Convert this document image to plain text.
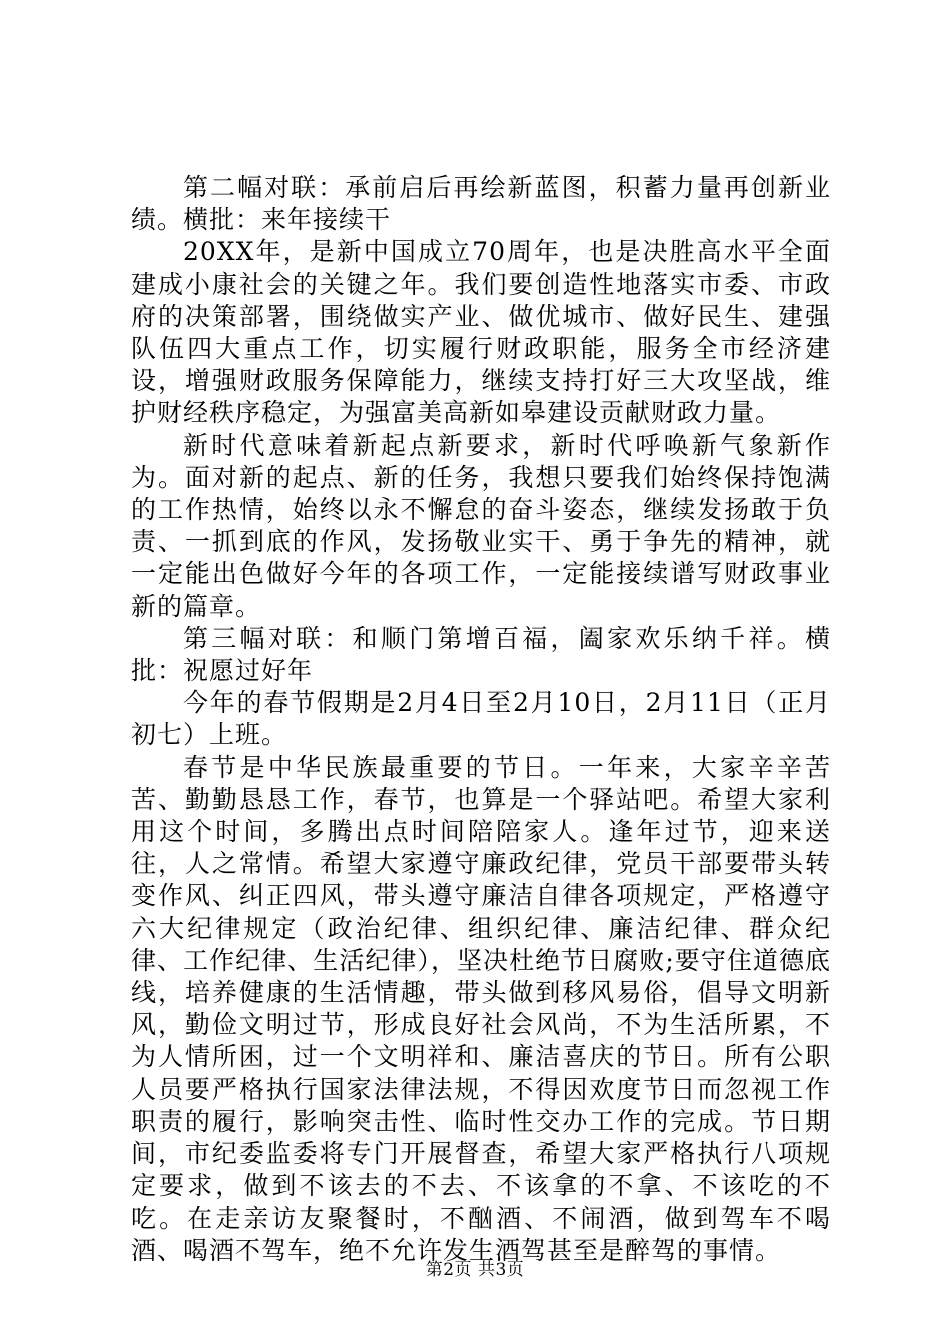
第二幅对联：承前启后再绘新蓝图，积蓄力量再创新业绩。横批：来年接续干

20XX年，是新中国成立70周年，也是决胜高水平全面建成小康社会的关键之年。我们要创造性地落实市委、市政府的决策部署，围绕做实产业、做优城市、做好民生、建强队伍四大重点工作，切实履行财政职能，服务全市经济建设，增强财政服务保障能力，继续支持打好三大攻坚战，维护财经秩序稳定，为强富美高新如皋建设贡献财政力量。

新时代意味着新起点新要求，新时代呼唤新气象新作为。面对新的起点、新的任务，我想只要我们始终保持饱满的工作热情，始终以永不懈怠的奋斗姿态，继续发扬敢于负责、一抓到底的作风，发扬敬业实干、勇于争先的精神，就一定能出色做好今年的各项工作，一定能接续谱写财政事业新的篇章。

第三幅对联：和顺门第增百福，阖家欢乐纳千祥。横批：祝愿过好年

今年的春节假期是2月4日至2月10日，2月11日（正月初七）上班。

春节是中华民族最重要的节日。一年来，大家辛辛苦苦、勤勤恳恳工作，春节，也算是一个驿站吧。希望大家利用这个时间，多腾出点时间陪陪家人。逢年过节，迎来送往，人之常情。希望大家遵守廉政纪律，党员干部要带头转变作风、纠正四风，带头遵守廉洁自律各项规定，严格遵守六大纪律规定（政治纪律、组织纪律、廉洁纪律、群众纪律、工作纪律、生活纪律），坚决杜绝节日腐败;要守住道德底线，培养健康的生活情趣，带头做到移风易俗，倡导文明新风，勤俭文明过节，形成良好社会风尚，不为生活所累，不为人情所困，过一个文明祥和、廉洁喜庆的节日。所有公职人员要严格执行国家法律法规，不得因欢度节日而忽视工作职责的履行，影响突击性、临时性交办工作的完成。节日期间，市纪委监委将专门开展督查，希望大家严格执行八项规定要求，做到不该去的不去、不该拿的不拿、不该吃的不吃。在走亲访友聚餐时，不酗酒、不闹酒，做到驾车不喝酒、喝酒不驾车，绝不允许发生酒驾甚至是醉驾的事情。

第2页 共3页
